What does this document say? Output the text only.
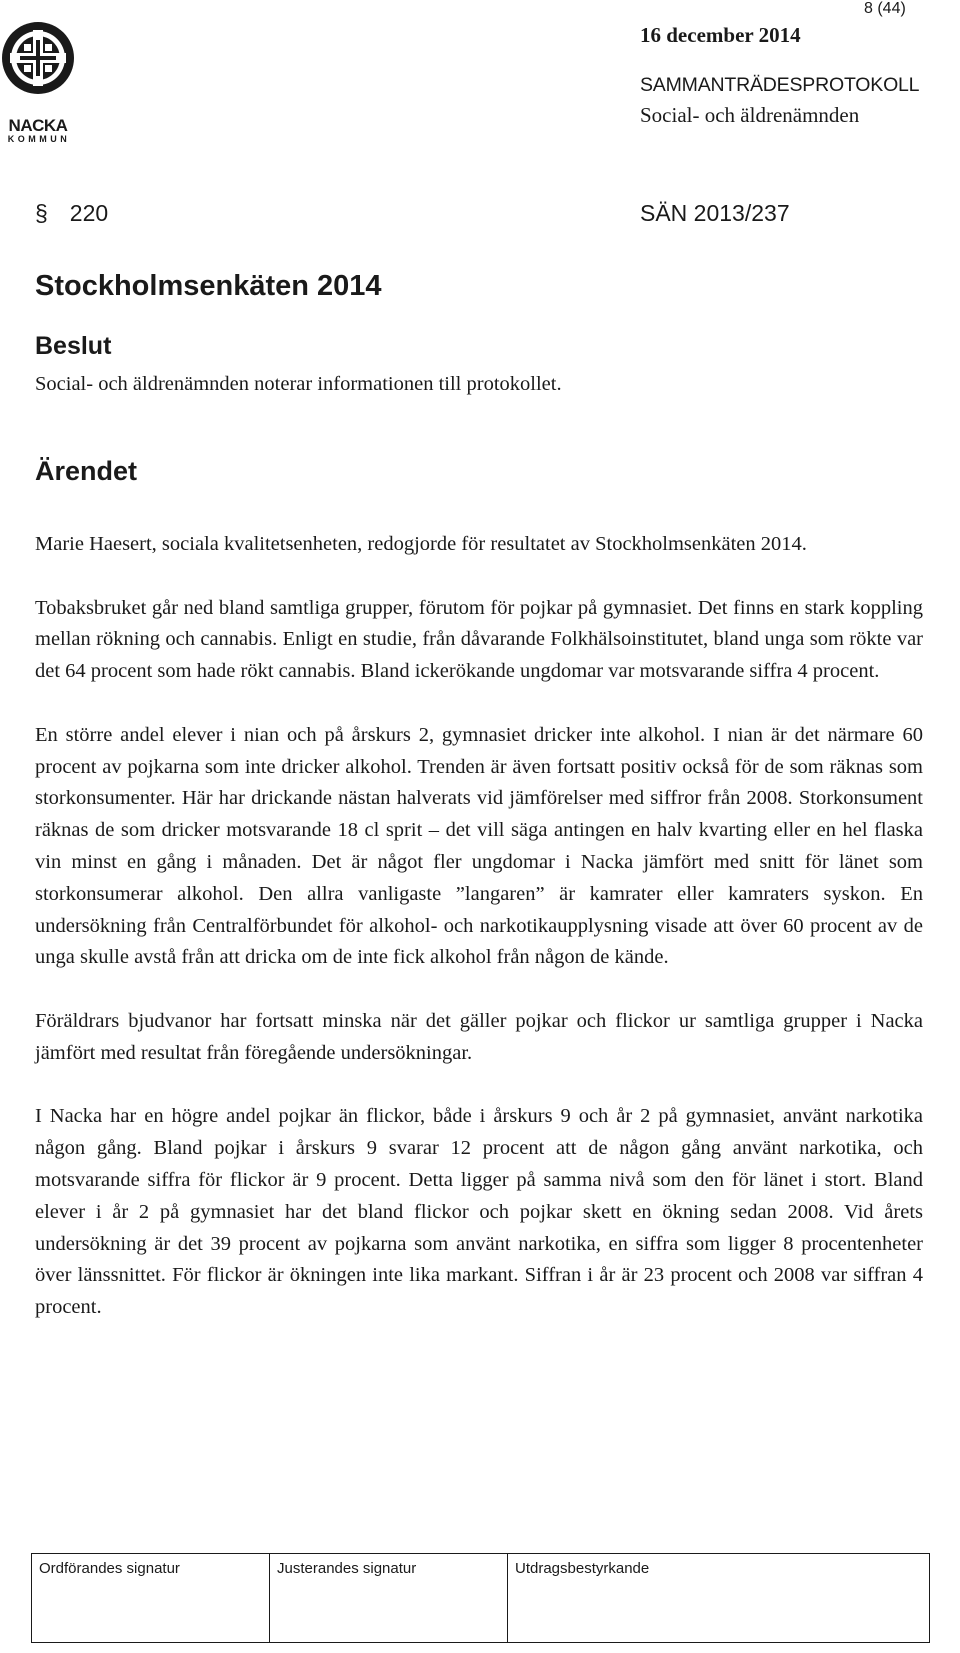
NACKA
KOMMUN
8 (44)
16 december 2014
SAMMANTRÄDESPROTOKOLL
Social- och äldrenämnden
§ 220	SÄN 2013/237
Stockholmsenkäten 2014
Beslut
Social- och äldrenämnden noterar informationen till protokollet.
Ärendet

Marie Haesert, sociala kvalitetsenheten, redogjorde för resultatet av Stockholmsenkäten 2014.

Tobaksbruket går ned bland samtliga grupper, förutom för pojkar på gymnasiet. Det finns en stark koppling mellan rökning och cannabis. Enligt en studie, från dåvarande Folkhälsoinstitutet, bland unga som rökte var det 64 procent som hade rökt cannabis. Bland ickerökande ungdomar var motsvarande siffra 4 procent.

En större andel elever i nian och på årskurs 2, gymnasiet dricker inte alkohol. I nian är det närmare 60 procent av pojkarna som inte dricker alkohol. Trenden är även fortsatt positiv också för de som räknas som storkonsumenter. Här har drickande nästan halverats vid jämförelser med siffror från 2008. Storkonsument räknas de som dricker motsvarande 18 cl sprit – det vill säga antingen en halv kvarting eller en hel flaska vin minst en gång i månaden. Det är något fler ungdomar i Nacka jämfört med snitt för länet som storkonsumerar alkohol. Den allra vanligaste ”langaren” är kamrater eller kamraters syskon. En undersökning från Centralförbundet för alkohol- och narkotikaupplysning visade att över 60 procent av de unga skulle avstå från att dricka om de inte fick alkohol från någon de kände.

Föräldrars bjudvanor har fortsatt minska när det gäller pojkar och flickor ur samtliga grupper i Nacka jämfört med resultat från föregående undersökningar.

I Nacka har en högre andel pojkar än flickor, både i årskurs 9 och år 2 på gymnasiet, använt narkotika någon gång. Bland pojkar i årskurs 9 svarar 12 procent att de någon gång använt narkotika, och motsvarande siffra för flickor är 9 procent. Detta ligger på samma nivå som den för länet i stort. Bland elever i år 2 på gymnasiet har det bland flickor och pojkar skett en ökning sedan 2008. Vid årets undersökning är det 39 procent av pojkarna som använt narkotika, en siffra som ligger 8 procentenheter över länssnittet. För flickor är ökningen inte lika markant. Siffran i år är 23 procent och 2008 var siffran 4 procent.

Ordförandes signatur	Justerandes signatur	Utdragsbestyrkande
